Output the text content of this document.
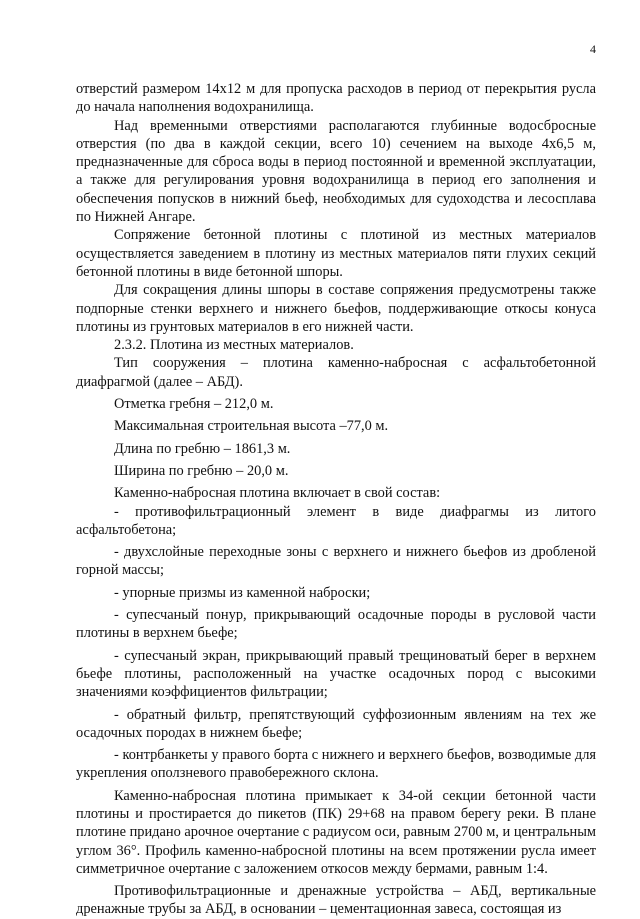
4

отверстий размером 14х12 м для пропуска расходов в период от перекрытия русла до начала наполнения водохранилища.

Над временными отверстиями располагаются глубинные водосбросные отверстия (по два в каждой секции, всего 10) сечением на выходе 4х6,5 м, предназначенные для сброса воды в период постоянной и временной эксплуатации, а также для регулирования уровня водохранилища в период его заполнения и обеспечения попусков в нижний бьеф, необходимых для судоходства и лесосплава по Нижней Ангаре.

Сопряжение бетонной плотины с плотиной из местных материалов осуществляется заведением в плотину из местных материалов пяти глухих секций бетонной плотины в виде бетонной шпоры.

Для сокращения длины шпоры в составе сопряжения предусмотрены также подпорные стенки верхнего и нижнего бьефов, поддерживающие откосы конуса плотины из грунтовых материалов в его нижней части.

2.3.2. Плотина из местных материалов.

Тип сооружения – плотина каменно-набросная с асфальтобетонной диафрагмой (далее – АБД).

Отметка гребня – 212,0 м.

Максимальная строительная высота –77,0 м.

Длина по гребню – 1861,3 м.

Ширина по гребню – 20,0 м.

Каменно-набросная плотина включает в свой состав:

- противофильтрационный элемент в виде диафрагмы из литого асфальтобетона;

- двухслойные переходные зоны с верхнего и нижнего бьефов из дробленой горной массы;

- упорные призмы из каменной наброски;

- супесчаный понур, прикрывающий осадочные породы в русловой части плотины в верхнем бьефе;

- супесчаный экран, прикрывающий правый трещиноватый берег в верхнем бьефе плотины, расположенный на участке осадочных пород с высокими значениями коэффициентов фильтрации;

- обратный фильтр, препятствующий суффозионным явлениям на тех же осадочных породах в нижнем бьефе;

- контрбанкеты у правого борта с нижнего и верхнего бьефов, возводимые для укрепления оползневого правобережного склона.

Каменно-набросная плотина примыкает к 34-ой секции бетонной части плотины и простирается до пикетов (ПК) 29+68 на правом берегу реки. В плане плотине придано арочное очертание с радиусом оси, равным 2700 м, и центральным углом 36°. Профиль каменно-набросной плотины на всем протяжении русла имеет симметричное очертание с заложением откосов между бермами, равным 1:4.

Противофильтрационные и дренажные устройства – АБД, вертикальные дренажные трубы за АБД, в основании – цементационная завеса, состоящая из
